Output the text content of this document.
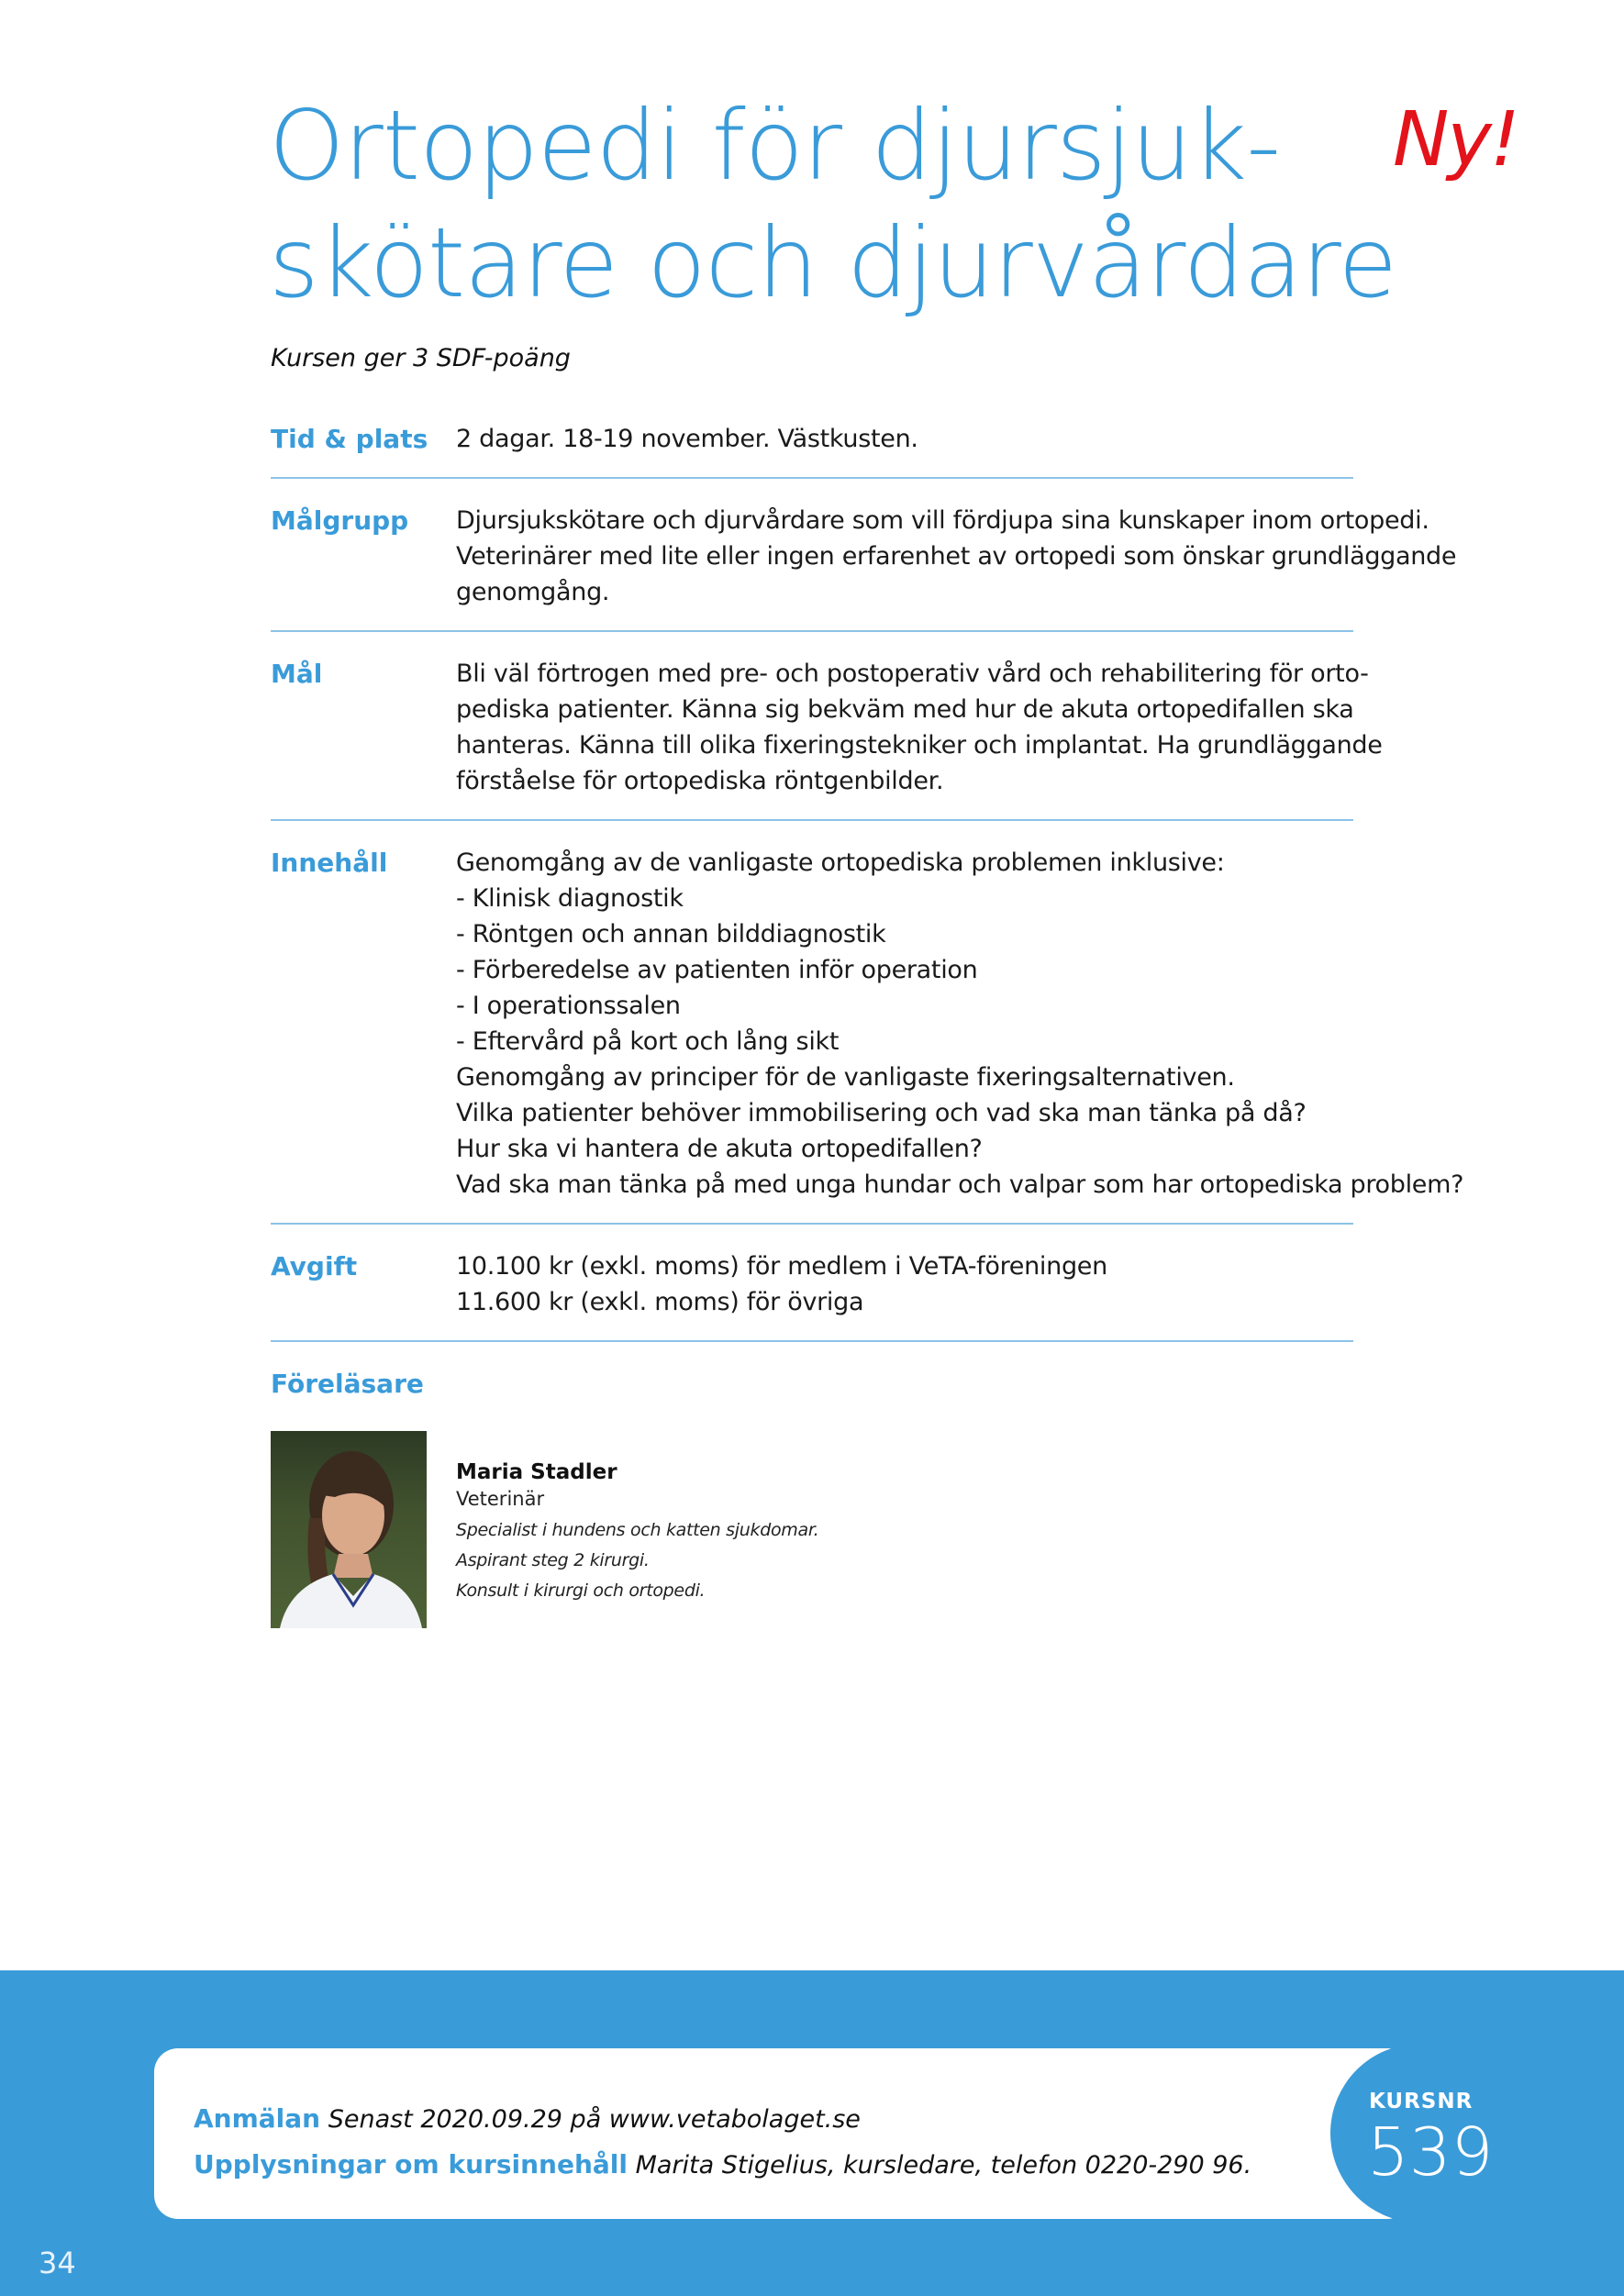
Ortopedi för djursjuk-
skötare och djurvårdare
Ny!
Kursen ger 3 SDF-poäng
Tid & plats	2 dagar. 18-19 november. Västkusten.
Målgrupp	Djursjukskötare och djurvårdare som vill fördjupa sina kunskaper inom ortopedi.
Veterinärer med lite eller ingen erfarenhet av ortopedi som önskar grundläggande
genomgång.
Mål	Bli väl förtrogen med pre- och postoperativ vård och rehabilitering för orto-
pediska patienter. Känna sig bekväm med hur de akuta ortopedifallen ska
hanteras. Känna till olika fixeringstekniker och implantat. Ha grundläggande
förståelse för ortopediska röntgenbilder.
Innehåll	Genomgång av de vanligaste ortopediska problemen inklusive:
- Klinisk diagnostik
- Röntgen och annan bilddiagnostik
- Förberedelse av patienten inför operation
- I operationssalen
- Eftervård på kort och lång sikt
Genomgång av principer för de vanligaste fixeringsalternativen.
Vilka patienter behöver immobilisering och vad ska man tänka på då?
Hur ska vi hantera de akuta ortopedifallen?
Vad ska man tänka på med unga hundar och valpar som har ortopediska problem?
Avgift	10.100 kr (exkl. moms) för medlem i VeTA-föreningen
11.600 kr (exkl. moms) för övriga
Föreläsare
Maria Stadler
Veterinär
Specialist i hundens och katten sjukdomar.
Aspirant steg 2 kirurgi.
Konsult i kirurgi och ortopedi.
Anmälan Senast 2020.09.29 på www.vetabolaget.se
Upplysningar om kursinnehåll Marita Stigelius, kursledare, telefon 0220-290 96.
KURSNR
539
34
